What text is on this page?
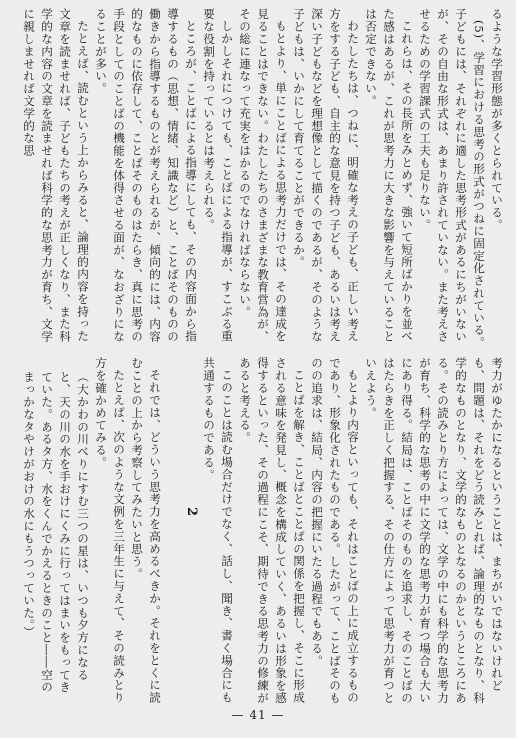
るような学習形態が多くとられている。

(5)、学習における思考の形式がつねに固定化されている。子どもには、それぞれに適した思考形式があるにちがいないが、その自由な形式は、あまり許されていない。また考えさせるための学習課式の工夫も足りない。

これらは、その長所をみとめず、強いて短所ばかりを並べた感はあるが、これが思考力に大きな影響を与えていることは否定できない。

わたしたちは、つねに、明確な考えの子ども、正しい考え方をする子ども、自主的な意見を持つ子ども、あるいは考え深い子どもなどを理想像として描くのであるが、そのような子どもは、いかにして育てることができるか。

もとより、単にことばによる思考力だけでは、その達成を見ることはできない。わたしたちのさまざまな教育営為が、その総に連なって充実をはかるのでなければならない。

しかしそれにつけても、ことばによる指導が、すこぶる重要な役割を持っているとは考えられる。

ところが、ことばによる指導にしても、その内容面から指導するもの（思想、情緒、知識など）と、ことばそのものの働きから指導するものとが考えられるが、傾向的には、内容的なものに依存して、ことばそのものはたらき、真に思考の手段としてのことばの機能を体得させる面が、なおざりになることが多い。

たとえば、読むという上からみると、論理的内容を持った文章を読ませれば、子どもたちの考えが正しくなり、また科学的な内容の文章を読ませれば科学的な思考力が育ち、文学に親しませれば文学的な思

考力がゆたかになるということは、まちがいではないけれども、問題は、それをどう読みとれば、論理的なものとなり、科学的なものとなり、文学的なものとなるのかというところにある。その読みとり方によっては、文学の中にも科学的な思考力が育ち、科学的な思考の中に文学的な思考力が育つ場合も大いにあり得る。結局は、ことばそのものを追求し、そのことばのはたらきを正しく把握する、その仕方によって思考力が育つといえよう。

もとより内容といっても、それはことばの上に成立するものであり、形象化されたものである。したがって、ことばそのものの追求は、結局、内容の把握にいたる過程でもある。

ことばを解き、ことばとことばの関係を把握し、そこに形成される意味を発見し、概念を構成していく、あるいは形象を感得するといった、その過程にこそ、期待できる思考力の修練があると考える。

このことは読む場合だけでなく、話し、聞き、書く場合にも共通するものである。

2

それでは、どういう思考力を高めるべきか。それをとくに読むことの上から考察してみたいと思う。

たとえば、次のような文例を三年生に与えて、その読みとり方を確かめてみる。

（大かわの川べりにすむ三つの星は、いつも夕方になると、天の川の水を手おけにくみに行ってはまいをもってきていた。あるタ方、水をくんでかえるときのこと――空のまっかなタやけがおけの水にもうつっていた。）

— 41 —
